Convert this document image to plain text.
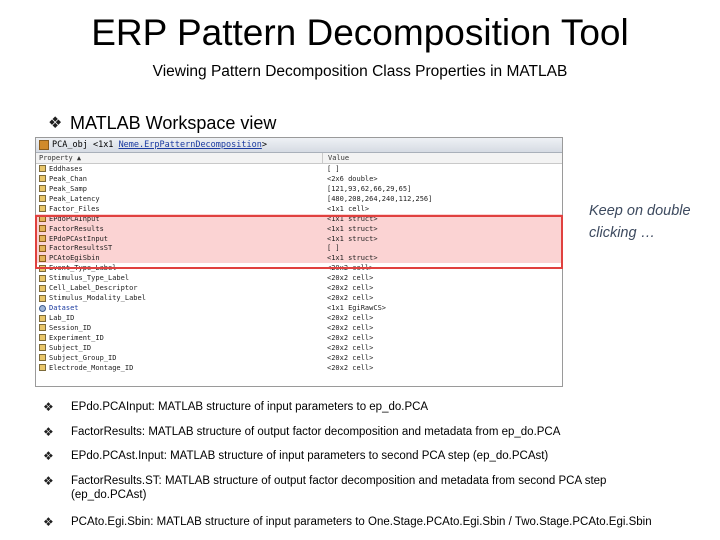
ERP Pattern Decomposition Tool
Viewing Pattern Decomposition Class Properties in MATLAB
❖ MATLAB Workspace view
PCA_obj
<1x1
Neme.ErpPatternDecomposition >
Property ▲	Value
Eddhases	[ ]
Peak_Chan	<2x6 double>
Peak_Samp	[121,93,62,66,29,65]
Peak_Latency	[480,208,264,240,112,256]
Factor_Files	<1x1 cell>
EPdoPCAInput	<1x1 struct>
FactorResults	<1x1 struct>
EPdoPCAstInput	<1x1 struct>
FactorResultsST	[ ]
PCAtoEgiSbin	<1x1 struct>
Event_Type_Label	<20x2 cell>
Stimulus_Type_Label	<20x2 cell>
Cell_Label_Descriptor	<20x2 cell>
Stimulus_Modality_Label	<20x2 cell>
Dataset	<1x1 EgiRawCS>
Lab_ID	<20x2 cell>
Session_ID	<20x2 cell>
Experiment_ID	<20x2 cell>
Subject_ID	<20x2 cell>
Subject_Group_ID	<20x2 cell>
Electrode_Montage_ID	<20x2 cell>
Keep on double clicking …
❖ EPdo.PCAInput: MATLAB structure of input parameters to ep_do.PCA
❖ FactorResults: MATLAB structure of output factor decomposition and metadata from ep_do.PCA
❖ EPdo.PCAst.Input: MATLAB structure of input parameters to second PCA step (ep_do.PCAst)
❖ FactorResults.ST: MATLAB structure of output factor decomposition and metadata from second PCA step (ep_do.PCAst)
❖ PCAto.Egi.Sbin: MATLAB structure of input parameters to One.Stage.PCAto.Egi.Sbin / Two.Stage.PCAto.Egi.Sbin
